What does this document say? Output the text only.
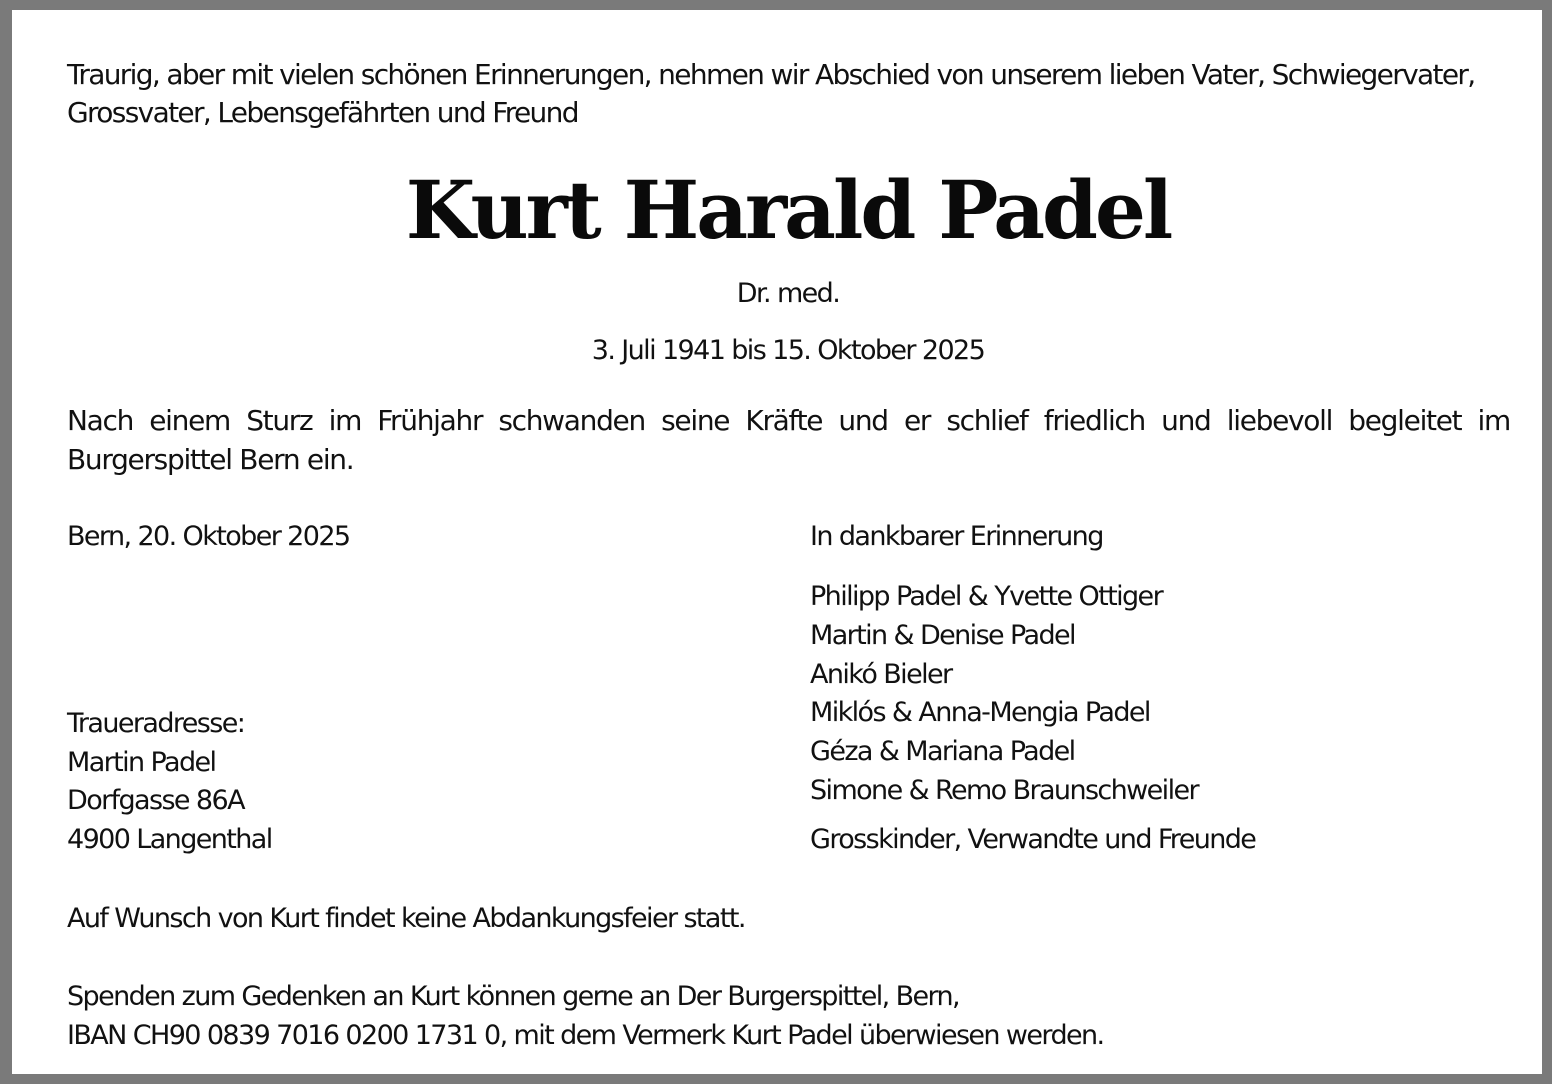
Traurig, aber mit vielen schönen Erinnerungen, nehmen wir Abschied von unserem lieben Vater, Schwiegervater, Grossvater, Lebensgefährten und Freund

Kurt Harald Padel

Dr. med.

3. Juli 1941 bis 15. Oktober 2025

Nach einem Sturz im Frühjahr schwanden seine Kräfte und er schlief friedlich und liebevoll begleitet im Burgerspittel Bern ein.

Bern, 20. Oktober 2025	In dankbarer Erinnerung

Philipp Padel & Yvette Ottiger
Martin & Denise Padel
Anikó Bieler
Miklós & Anna-Mengia Padel
Géza & Mariana Padel
Simone & Remo Braunschweiler

Grosskinder, Verwandte und Freunde

Traueradresse:
Martin Padel
Dorfgasse 86A
4900 Langenthal

Auf Wunsch von Kurt findet keine Abdankungsfeier statt.

Spenden zum Gedenken an Kurt können gerne an Der Burgerspittel, Bern,
IBAN CH90 0839 7016 0200 1731 0, mit dem Vermerk Kurt Padel überwiesen werden.
